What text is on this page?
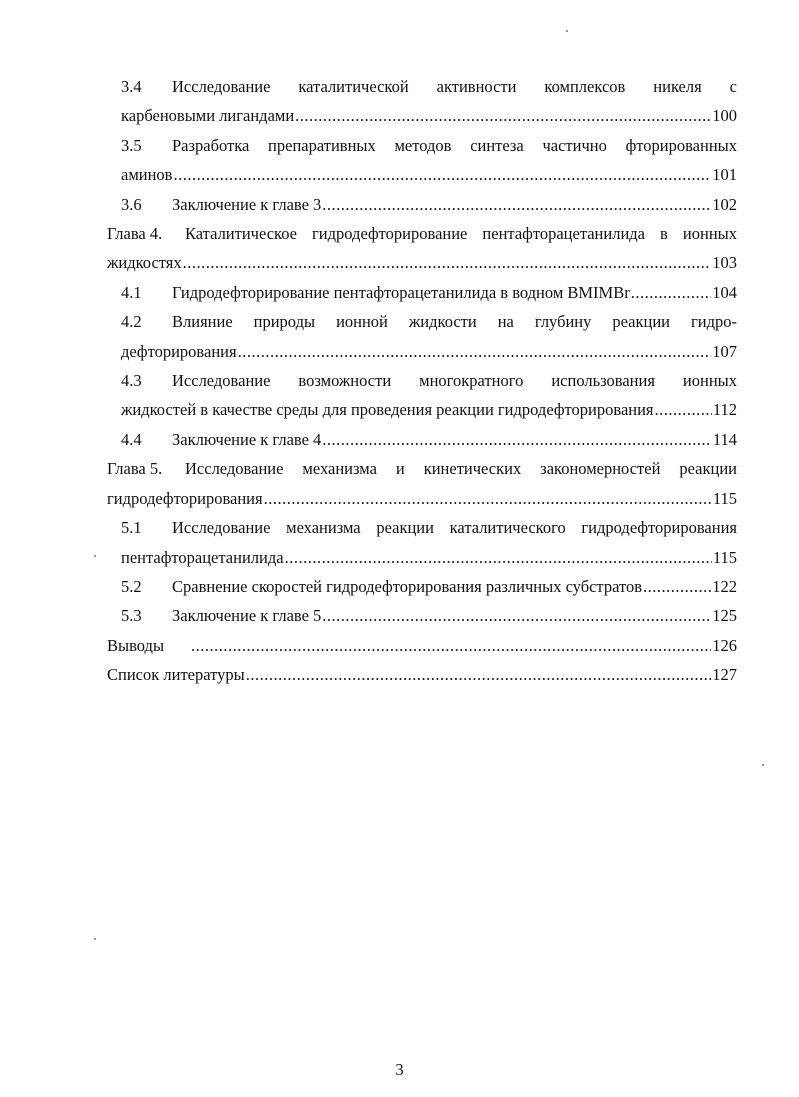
3.4	Исследование каталитической активности комплексов никеля с
карбеновыми лигандами .....	100
3.5	Разработка препаративных методов синтеза частично фторированных
аминов .....	101
3.6	Заключение к главе 3 .....	102
Глава 4.	Каталитическое гидродефторирование пентафторацетанилида в ионных
жидкостях .....	103
4.1	Гидродефторирование пентафторацетанилида в водном BMIMBr .....	104
4.2	Влияние природы ионной жидкости на глубину реакции гидро-
дефторирования .....	107
4.3	Исследование возможности многократного использования ионных
жидкостей в качестве среды для проведения реакции гидродефторирования .....	112
4.4	Заключение к главе 4 .....	114
Глава 5.	Исследование механизма и кинетических закономерностей реакции
гидродефторирования .....	115
5.1	Исследование механизма реакции каталитического гидродефторирования
пентафторацетанилида .....	115
5.2	Сравнение скоростей гидродефторирования различных субстратов .....	122
5.3	Заключение к главе 5 .....	125
Выводы .....	126
Список литературы .....	127
3
